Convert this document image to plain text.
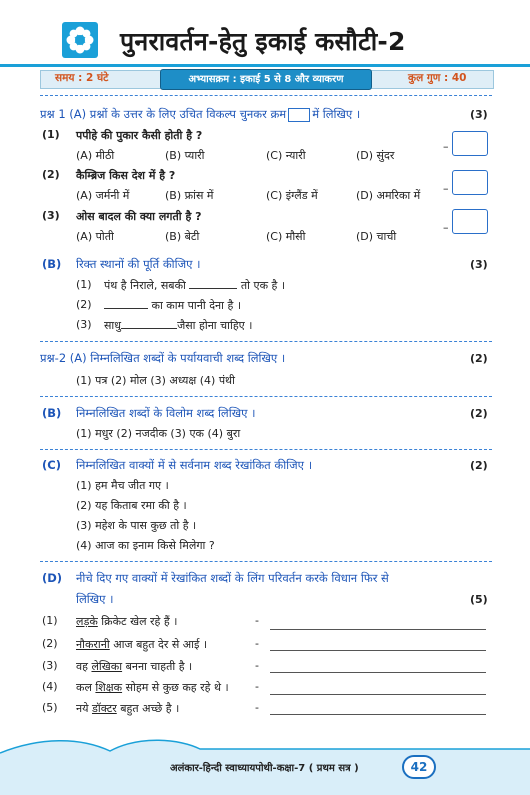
पुनरावर्तन-हेतु इकाई कसौटी-2
समय : 2 घंटे	अभ्यासक्रम : इकाई 5 से 8 और व्याकरण	कुल गुण : 40
प्रश्न 1 (A) प्रश्नों के उत्तर के लिए उचित विकल्प चुनकर क्रम में लिखिए ।	(3)
(1) पपीहे की पुकार कैसी होती है ?
(A) मीठी	(B) प्यारी	(C) न्यारी	(D) सुंदर
–
(2) कैम्ब्रिज किस देश में है ?
(A) जर्मनी में	(B) फ्रांस में	(C) इंग्लैंड में	(D) अमरिका में
–
(3) ओस बादल की क्या लगती है ?
(A) पोती	(B) बेटी	(C) मौसी	(D) चाची
–
(B) रिक्त स्थानों की पूर्ति कीजिए ।	(3)
(1) पंथ है निराले, सबकी	तो एक है ।
(2)	का काम पानी देना है ।
(3) साधु	जैसा होना चाहिए ।
प्रश्न-2 (A) निम्नलिखित शब्दों के पर्यायवाची शब्द लिखिए ।	(2)
(1) पत्र (2) मोल (3) अध्यक्ष (4) पंथी
(B) निम्नलिखित शब्दों के विलोम शब्द लिखिए ।	(2)
(1) मधुर (2) नजदीक (3) एक (4) बुरा
(C) निम्नलिखित वाक्यों में से सर्वनाम शब्द रेखांकित कीजिए ।	(2)
(1) हम मैच जीत गए ।
(2) यह किताब रमा की है ।
(3) महेश के पास कुछ तो है ।
(4) आज का इनाम किसे मिलेगा ?
(D) नीचे दिए गए वाक्यों में रेखांकित शब्दों के लिंग परिवर्तन करके विधान फिर से
लिखिए ।	(5)
(1) लड़के क्रिकेट खेल रहे हैं ।	-
(2) नौकरानी आज बहुत देर से आई ।	-
(3) वह लेखिका बनना चाहती है ।	-
(4) कल शिक्षक सोहम से कुछ कह रहे थे । -
(5) नये डॉक्टर बहुत अच्छे है ।	-
अलंकार-हिन्दी स्वाध्यायपोथी-कक्षा-7 ( प्रथम सत्र )	42
